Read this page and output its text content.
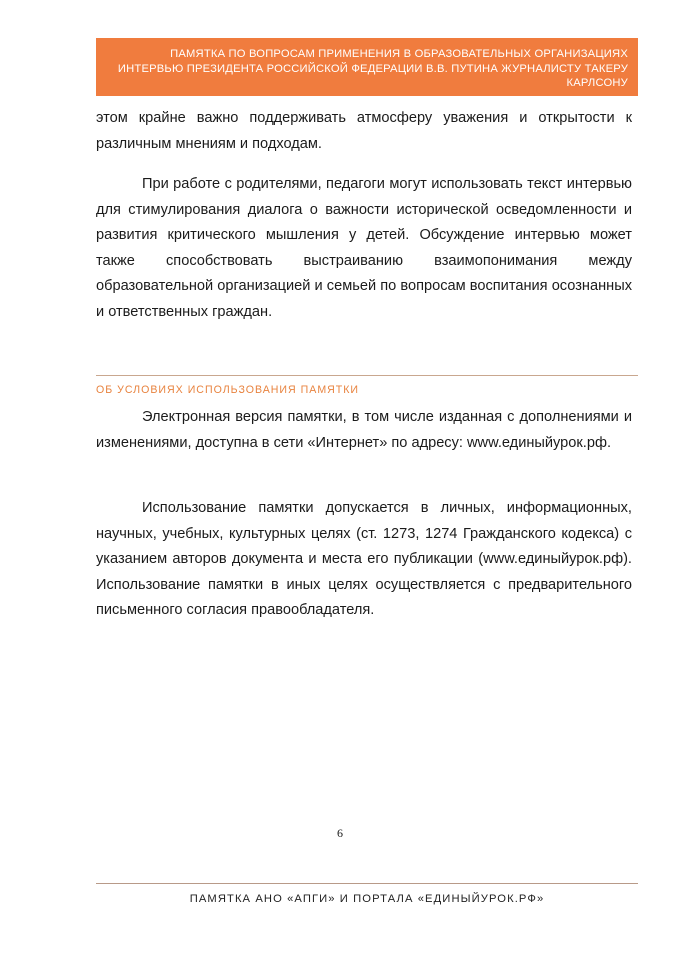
ПАМЯТКА ПО ВОПРОСАМ ПРИМЕНЕНИЯ В ОБРАЗОВАТЕЛЬНЫХ ОРГАНИЗАЦИЯХ
ИНТЕРВЬЮ ПРЕЗИДЕНТА РОССИЙСКОЙ ФЕДЕРАЦИИ В.В. ПУТИНА ЖУРНАЛИСТУ ТАКЕРУ
КАРЛСОНУ

этом крайне важно поддерживать атмосферу уважения и открытости к различным мнениям и подходам.

При работе с родителями, педагоги могут использовать текст интервью для стимулирования диалога о важности исторической осведомленности и развития критического мышления у детей. Обсуждение интервью может также способствовать выстраиванию взаимопонимания между образовательной организацией и семьей по вопросам воспитания осознанных и ответственных граждан.

ОБ УСЛОВИЯХ ИСПОЛЬЗОВАНИЯ ПАМЯТКИ

Электронная версия памятки, в том числе изданная с дополнениями и изменениями, доступна в сети «Интернет» по адресу: www.единыйурок.рф.

Использование памятки допускается в личных, информационных, научных, учебных, культурных целях (ст. 1273, 1274 Гражданского кодекса) с указанием авторов документа и места его публикации (www.единыйурок.рф). Использование памятки в иных целях осуществляется с предварительного письменного согласия правообладателя.

6
ПАМЯТКА АНО «АПГИ» И ПОРТАЛА «ЕДИНЫЙУРОК.РФ»
